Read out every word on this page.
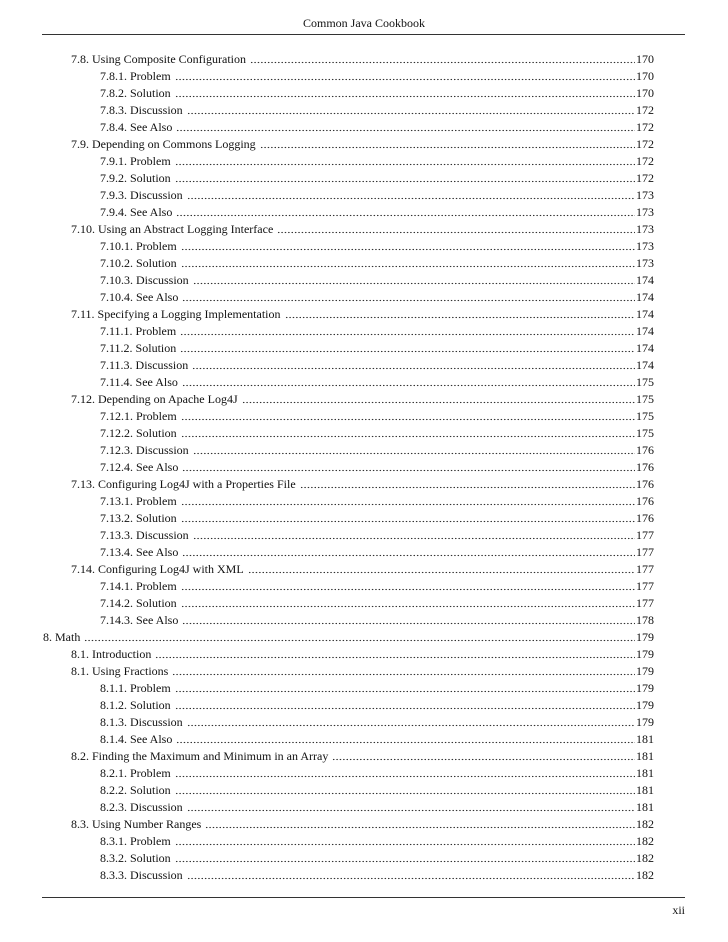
Common Java Cookbook
7.8. Using Composite Configuration	170
7.8.1. Problem	170
7.8.2. Solution	170
7.8.3. Discussion	172
7.8.4. See Also	172
7.9. Depending on Commons Logging	172
7.9.1. Problem	172
7.9.2. Solution	172
7.9.3. Discussion	173
7.9.4. See Also	173
7.10. Using an Abstract Logging Interface	173
7.10.1. Problem	173
7.10.2. Solution	173
7.10.3. Discussion	174
7.10.4. See Also	174
7.11. Specifying a Logging Implementation	174
7.11.1. Problem	174
7.11.2. Solution	174
7.11.3. Discussion	174
7.11.4. See Also	175
7.12. Depending on Apache Log4J	175
7.12.1. Problem	175
7.12.2. Solution	175
7.12.3. Discussion	176
7.12.4. See Also	176
7.13. Configuring Log4J with a Properties File	176
7.13.1. Problem	176
7.13.2. Solution	176
7.13.3. Discussion	177
7.13.4. See Also	177
7.14. Configuring Log4J with XML	177
7.14.1. Problem	177
7.14.2. Solution	177
7.14.3. See Also	178
8. Math	179
8.1. Introduction	179
8.1. Using Fractions	179
8.1.1. Problem	179
8.1.2. Solution	179
8.1.3. Discussion	179
8.1.4. See Also	181
8.2. Finding the Maximum and Minimum in an Array	181
8.2.1. Problem	181
8.2.2. Solution	181
8.2.3. Discussion	181
8.3. Using Number Ranges	182
8.3.1. Problem	182
8.3.2. Solution	182
8.3.3. Discussion	182
xii
